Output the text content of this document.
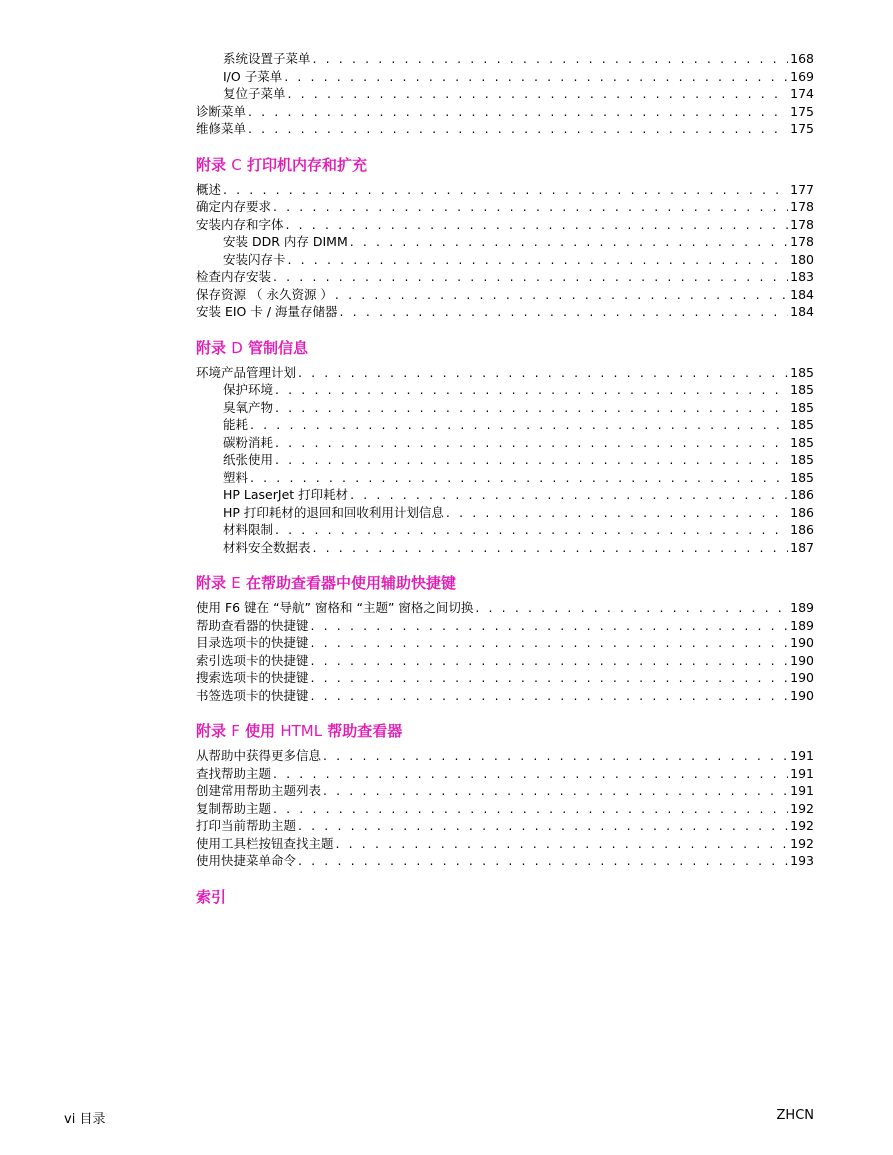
系统设置子菜单 . . .	168
I/O 子菜单 . . .	169
复位子菜单 . . .	174
诊断菜单 . . .	175
维修菜单 . . .	175
附录 C 打印机内存和扩充
概述 . . .	177
确定内存要求 . . .	178
安装内存和字体 . . .	178
安装 DDR 内存 DIMM . . .	178
安装闪存卡 . . .	180
检查内存安装 . . .	183
保存资源 （ 永久资源 ） . . .	184
安装 EIO 卡 / 海量存储器 . . .	184
附录 D 管制信息
环境产品管理计划 . . .	185
保护环境 . . .	185
臭氧产物 . . .	185
能耗 . . .	185
碳粉消耗 . . .	185
纸张使用 . . .	185
塑料 . . .	185
HP LaserJet 打印耗材 . . .	186
HP 打印耗材的退回和回收利用计划信息 . . .	186
材料限制 . . .	186
材料安全数据表 . . .	187
附录 E 在帮助查看器中使用辅助快捷键
使用 F6 键在 “导航” 窗格和 “主题” 窗格之间切换 . . .	189
帮助查看器的快捷键 . . .	189
目录选项卡的快捷键 . . .	190
索引选项卡的快捷键 . . .	190
搜索选项卡的快捷键 . . .	190
书签选项卡的快捷键 . . .	190
附录 F 使用 HTML 帮助查看器
从帮助中获得更多信息 . . .	191
查找帮助主题 . . .	191
创建常用帮助主题列表 . . .	191
复制帮助主题 . . .	192
打印当前帮助主题 . . .	192
使用工具栏按钮查找主题 . . .	192
使用快捷菜单命令 . . .	193
索引
vi 目录	ZHCN
